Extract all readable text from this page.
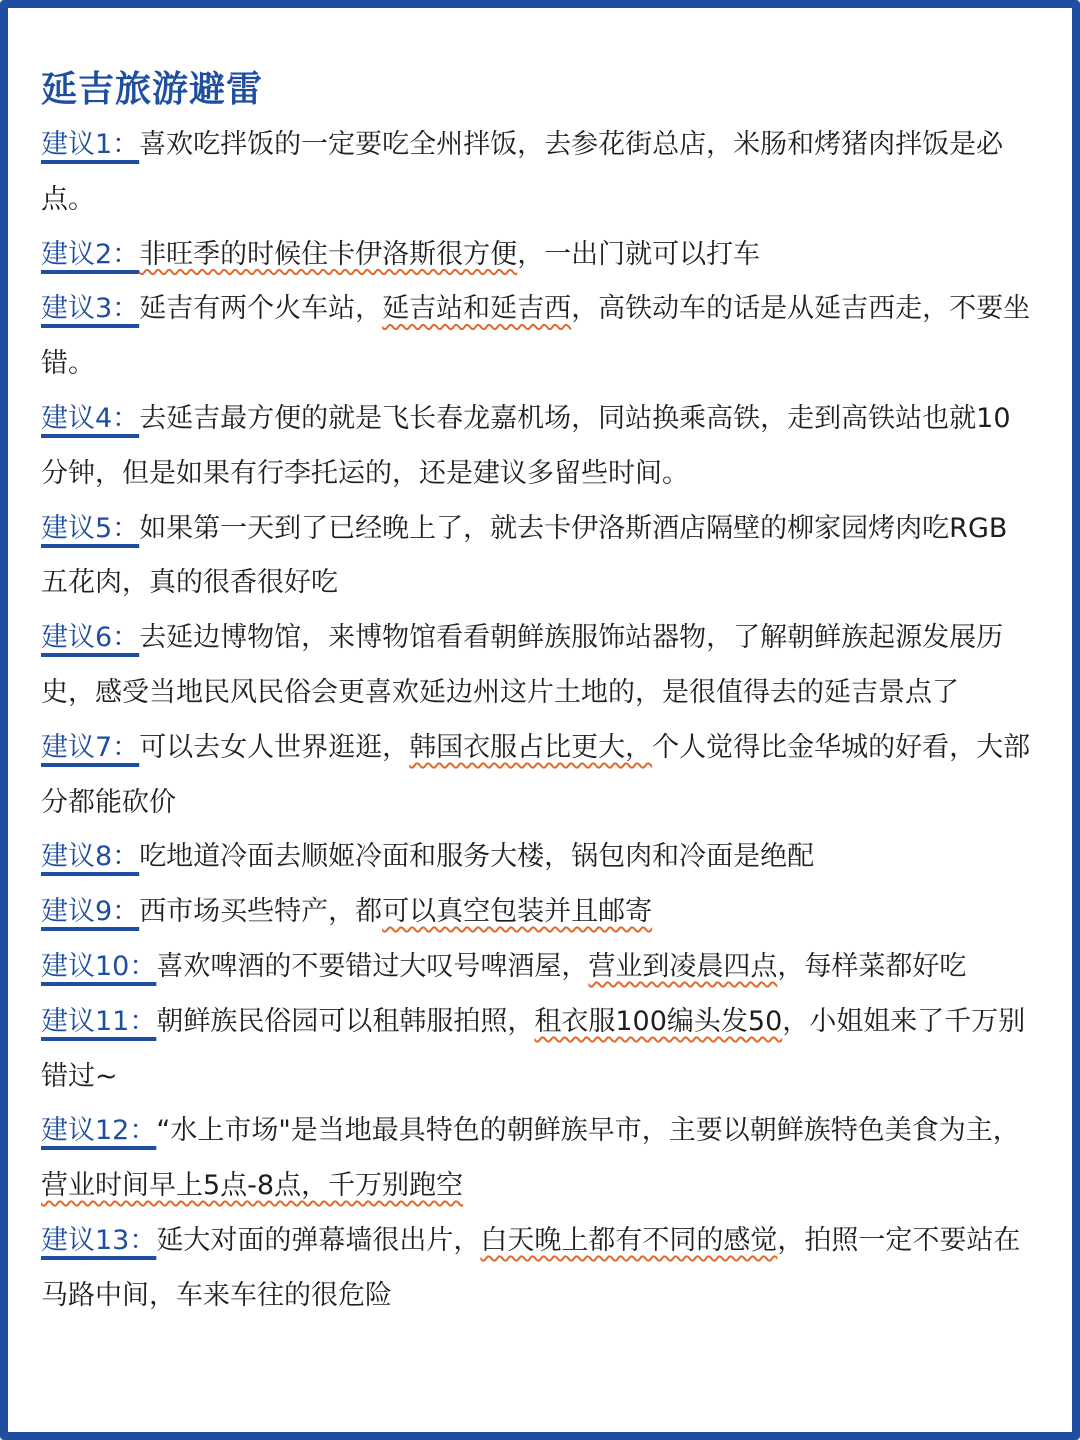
延吉旅游避雷

建议1：喜欢吃拌饭的一定要吃全州拌饭，去参花街总店，米肠和烤猪肉拌饭是必点。

建议2：非旺季的时候住卡伊洛斯很方便，一出门就可以打车

建议3：延吉有两个火车站，延吉站和延吉西，高铁动车的话是从延吉西走，不要坐错。

建议4：去延吉最方便的就是飞长春龙嘉机场，同站换乘高铁，走到高铁站也就10分钟，但是如果有行李托运的，还是建议多留些时间。

建议5：如果第一天到了已经晚上了，就去卡伊洛斯酒店隔壁的柳家园烤肉吃RGB五花肉，真的很香很好吃

建议6：去延边博物馆，来博物馆看看朝鲜族服饰站器物，了解朝鲜族起源发展历史，感受当地民风民俗会更喜欢延边州这片土地的，是很值得去的延吉景点了

建议7：可以去女人世界逛逛，韩国衣服占比更大，个人觉得比金华城的好看，大部分都能砍价

建议8：吃地道冷面去顺姬冷面和服务大楼，锅包肉和冷面是绝配

建议9：西市场买些特产，都可以真空包装并且邮寄

建议10：喜欢啤酒的不要错过大叹号啤酒屋，营业到凌晨四点，每样菜都好吃

建议11：朝鲜族民俗园可以租韩服拍照，租衣服100编头发50，小姐姐来了千万别错过~

建议12：“水上市场"是当地最具特色的朝鲜族早市，主要以朝鲜族特色美食为主，营业时间早上5点-8点，千万别跑空

建议13：延大对面的弹幕墙很出片，白天晚上都有不同的感觉，拍照一定不要站在马路中间，车来车往的很危险
